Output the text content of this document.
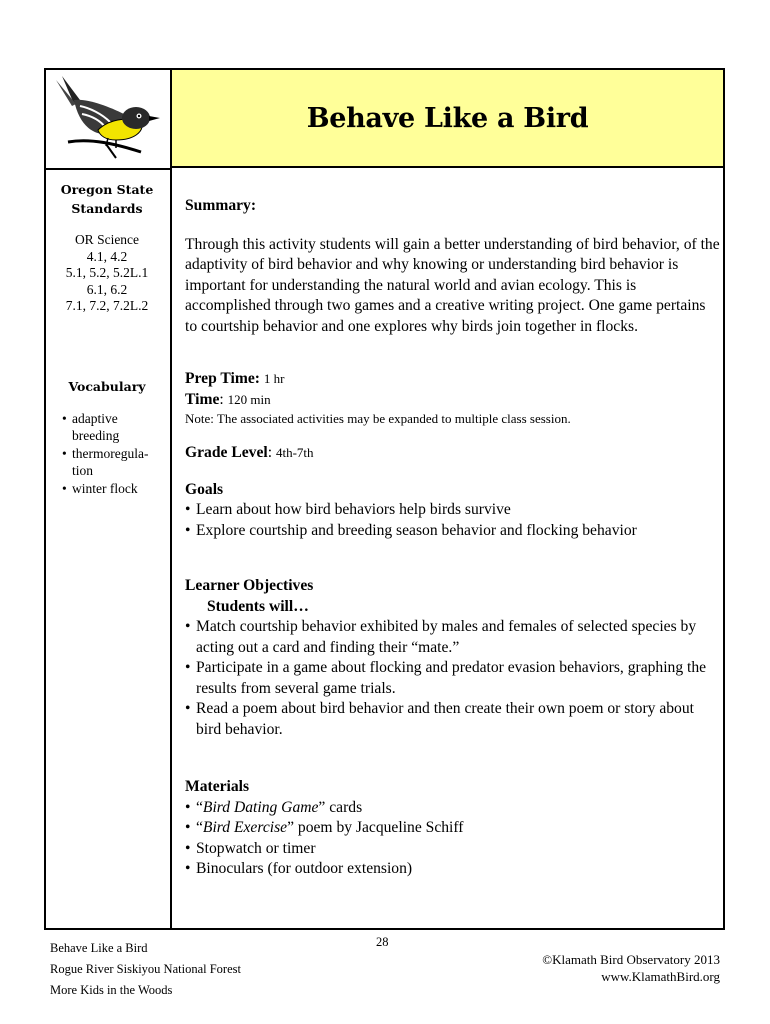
Behave Like a Bird
Oregon State
Standards
OR Science
4.1, 4.2
5.1, 5.2, 5.2L.1
6.1, 6.2
7.1, 7.2, 7.2L.2
Vocabulary
• adaptive
breeding
• thermoregula-
tion
• winter flock
Summary:
Through this activity students will gain a better understanding of bird behavior, of the adaptivity of bird behavior and why knowing or understanding bird behavior is important for understanding the natural world and avian ecology. This is accomplished through two games and a creative writing project. One game pertains to courtship behavior and one explores why birds join together in flocks.
Prep Time: 1 hr
Time: 120 min
Note: The associated activities may be expanded to multiple class session.
Grade Level: 4th-7th
Goals
• Learn about how bird behaviors help birds survive
• Explore courtship and breeding season behavior and flocking behavior
Learner Objectives
Students will…
• Match courtship behavior exhibited by males and females of selected species by acting out a card and finding their “mate.”
• Participate in a game about flocking and predator evasion behaviors, graphing the results from several game trials.
• Read a poem about bird behavior and then create their own poem or story about bird behavior.
Materials
• “Bird Dating Game” cards
• “Bird Exercise” poem by Jacqueline Schiff
• Stopwatch or timer
• Binoculars (for outdoor extension)
Behave Like a Bird
Rogue River Siskiyou National Forest
More Kids in the Woods
28
©Klamath Bird Observatory 2013
www.KlamathBird.org
